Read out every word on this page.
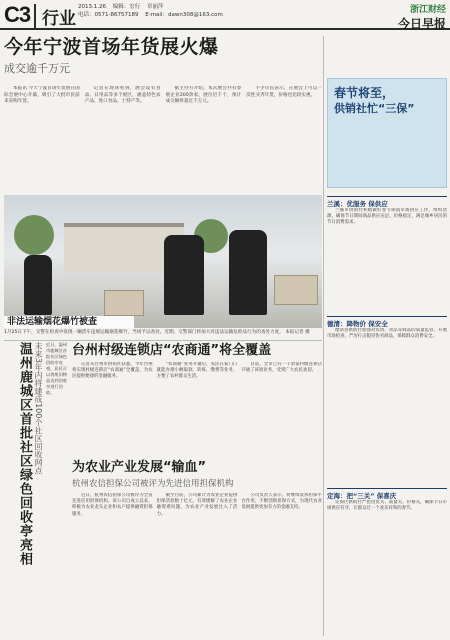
C3 行业
2013.1.26 编辑：宏行 章丽萍
电话：0571-86757189 E-mail：dawn308@163.com	浙江财经
今日早报
今年宁波首场年货展火爆
成交逾千万元

本报讯 今天宁波首场年货展在国际会展中心开幕，吸引了大批市民前来采购年货。

记者在现场看到，展会设有食品、日用品等多个展区，涵盖特色农产品、进口食品、土特产等。

据主办方介绍，本次展会共有参展企业200余家，展位近千个，预计成交额将超过千万元。

不少市民表示，在展会上可以一次性买齐年货，价格也比较实惠。

非法运输烟花爆竹被查
1月25日下午，交警在检查中发现一辆货车违规运输烟花爆竹，当场予以查处。近期，交警部门将加大对违法运输危险品行为的查处力度。 本报记者 摄
春节将至，
供销社忙“三保”
兰溪：优服务 保供应

兰溪市供销社积极做好春节期间市场供应工作，组织货源，确保节日期间商品供应充足、价格稳定，满足城乡居民的节日消费需求。

德清：降物价 保安全

德清县供销社加强对农资、食品等商品的质量监管，开展市场检查，严厉打击假冒伪劣商品，保障群众消费安全。

定海：把“三关” 保喜庆

定海区供销社严把进货关、质量关、价格关，确保节日市场供应有序，让群众过一个欢乐祥和的春节。

温州鹿城区首批社区绿色回收亭亮相 未来3年内将建成100个社区回收网点 近日，温州市鹿城区首批社区绿色回收亭亮相，居民可以将废旧物品送到回收亭进行回收。
台州村级连锁店“农商通”将全覆盖

记者从台州市供销社获悉，今年台州将实现村级连锁店“农商通”全覆盖，为农民提供便捷的金融服务。

“农商通”业务开通后，农民在家门口就能办理小额取款、转账、缴费等业务，方便了农村群众生活。

目前，全市已有一千余家村级连锁店开通了该项业务，受到广大农民欢迎。

为农业产业发展“输血”
杭州农信担保公司被评为先进信用担保机构

近日，杭州农信担保公司被评为全省先进信用担保机构。该公司自成立以来，积极为农业龙头企业和农户提供融资担保服务。

截至目前，公司累计为农业企业提供担保贷款数十亿元，有效缓解了农业企业融资难问题，为农业产业发展注入了活力。

公司负责人表示，将继续发挥担保平台作用，不断创新担保方式，为现代农业发展提供更加有力的金融支持。
